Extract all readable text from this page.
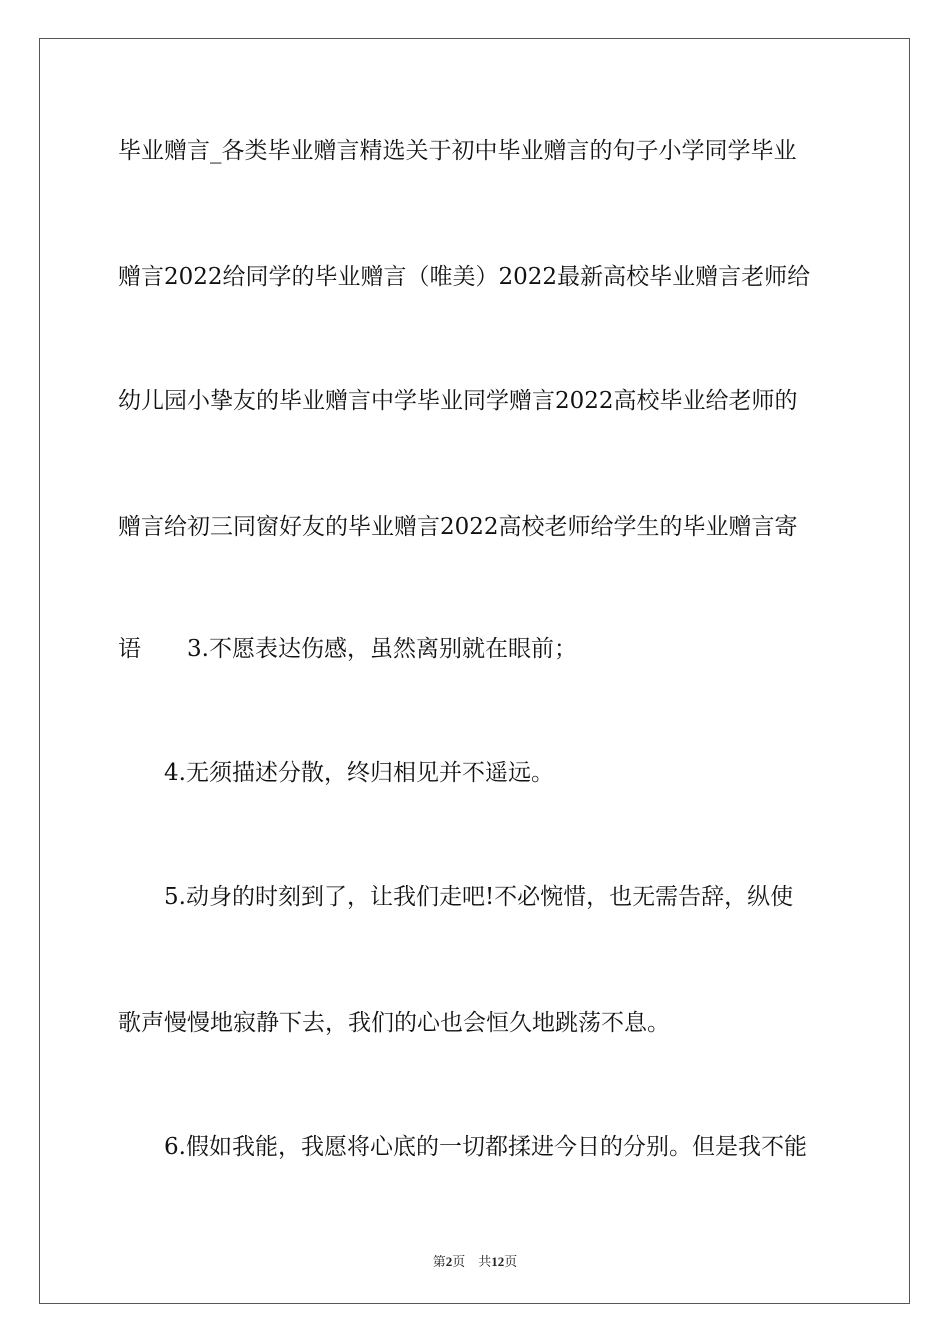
毕业赠言_各类毕业赠言精选关于初中毕业赠言的句子小学同学毕业
赠言2022给同学的毕业赠言（唯美）2022最新高校毕业赠言老师给
幼儿园小挚友的毕业赠言中学毕业同学赠言2022高校毕业给老师的
赠言给初三同窗好友的毕业赠言2022高校老师给学生的毕业赠言寄
语　　3.不愿表达伤感，虽然离别就在眼前；
　　4.无须描述分散，终归相见并不遥远。
　　5.动身的时刻到了，让我们走吧!不必惋惜，也无需告辞，纵使
歌声慢慢地寂静下去，我们的心也会恒久地跳荡不息。
　　6.假如我能，我愿将心底的一切都揉进今日的分别。但是我不能
第2页 共12页
